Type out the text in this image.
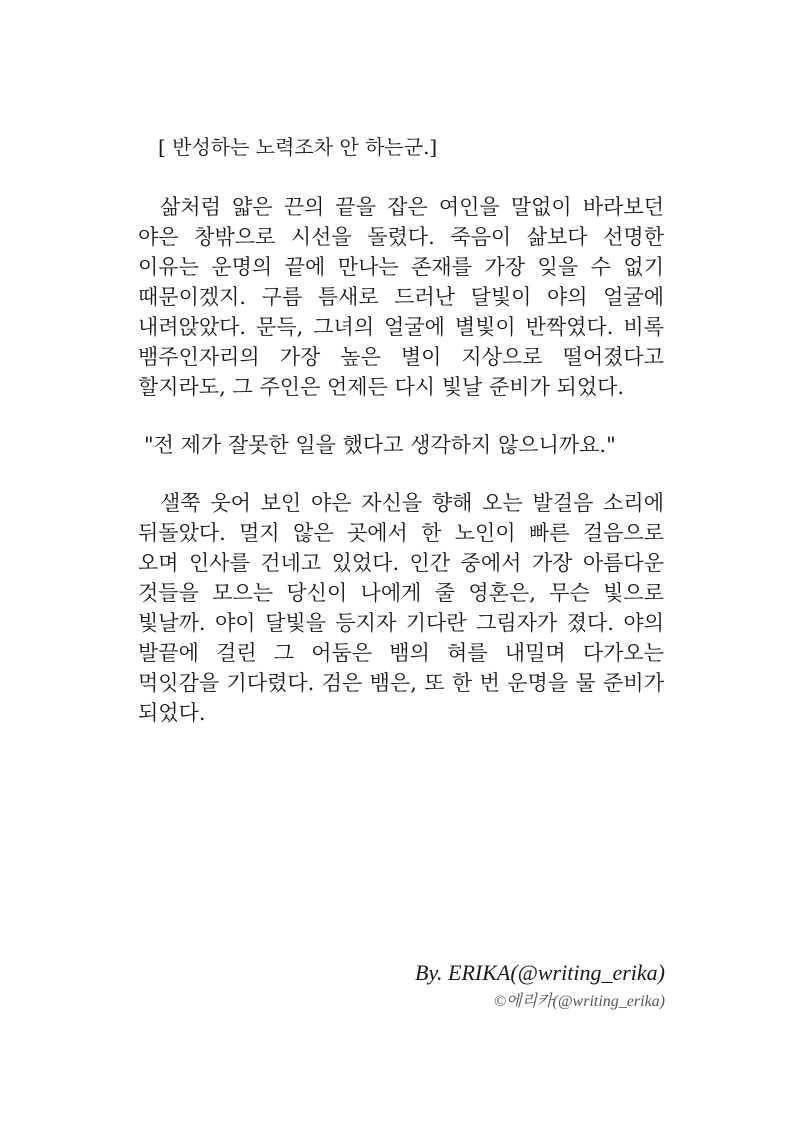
[ 반성하는 노력조차 안 하는군.]

삶처럼 얇은 끈의 끝을 잡은 여인을 말없이 바라보던 야은 창밖으로 시선을 돌렸다. 죽음이 삶보다 선명한 이유는 운명의 끝에 만나는 존재를 가장 잊을 수 없기 때문이겠지. 구름 틈새로 드러난 달빛이 야의 얼굴에 내려앉았다. 문득, 그녀의 얼굴에 별빛이 반짝였다. 비록 뱀주인자리의 가장 높은 별이 지상으로 떨어졌다고 할지라도, 그 주인은 언제든 다시 빛날 준비가 되었다.

"전 제가 잘못한 일을 했다고 생각하지 않으니까요."

샐쭉 웃어 보인 야은 자신을 향해 오는 발걸음 소리에 뒤돌았다. 멀지 않은 곳에서 한 노인이 빠른 걸음으로 오며 인사를 건네고 있었다. 인간 중에서 가장 아름다운 것들을 모으는 당신이 나에게 줄 영혼은, 무슨 빛으로 빛날까. 야이 달빛을 등지자 기다란 그림자가 졌다. 야의 발끝에 걸린 그 어둠은 뱀의 혀를 내밀며 다가오는 먹잇감을 기다렸다. 검은 뱀은, 또 한 번 운명을 물 준비가 되었다.

By. ERIKA(@writing_erika)
©에리카(@writing_erika)
